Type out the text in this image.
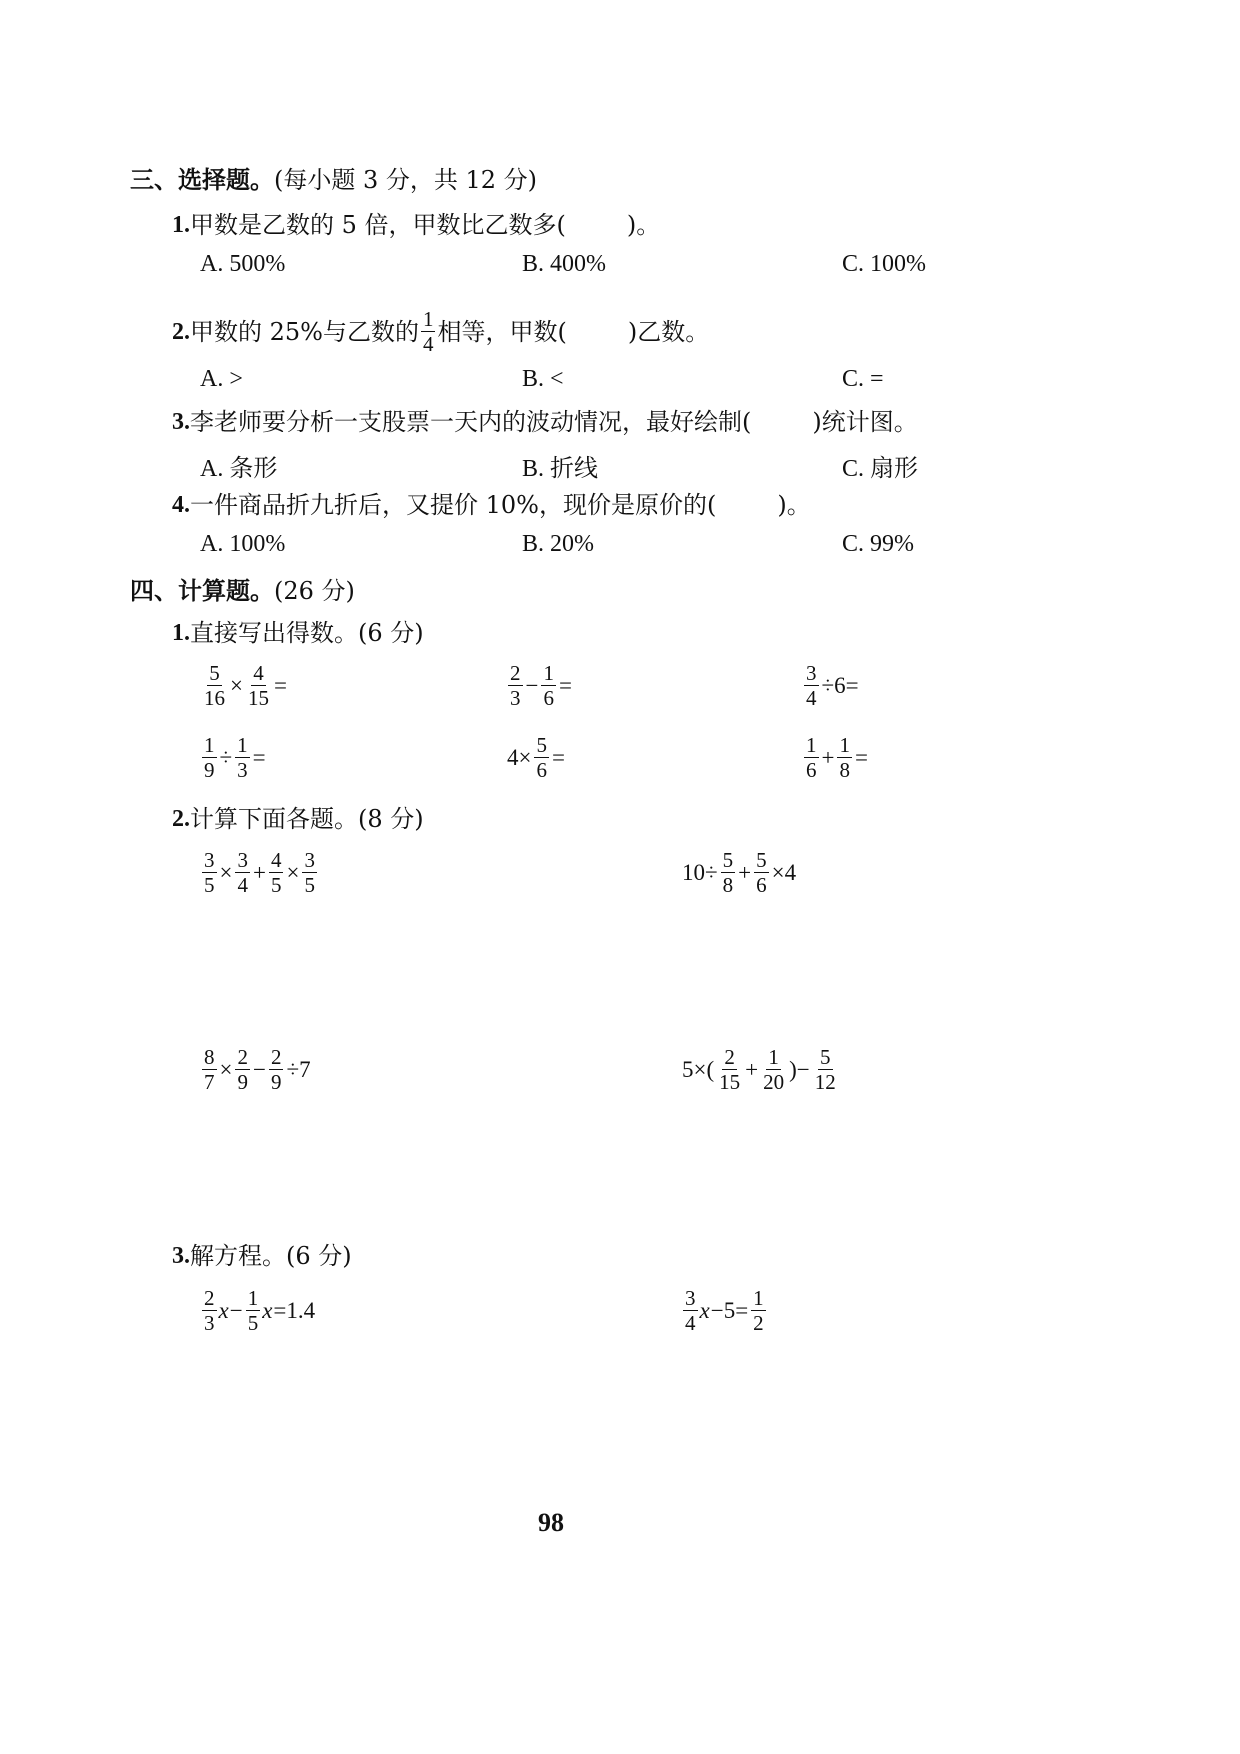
三、选择题。 (每小题 3 分，共 12 分)
1. 甲数是乙数的 5 倍，甲数比乙数多(        )。
A. 500%	B. 400%	C. 100%
2. 甲数的 25%与乙数的 $\frac{1}{4}$ 相等，甲数(        )乙数。
A. >	B. <	C. =
3. 李老师要分析一支股票一天内的波动情况，最好绘制(        )统计图。
A. 条形	B. 折线	C. 扇形
4. 一件商品折九折后，又提价 10%，现价是原价的(        )。
A. 100%	B. 20%	C. 99%
四、计算题。 (26 分)
1. 直接写出得数。(6 分)
2. 计算下面各题。(8 分)
3. 解方程。(6 分)
$\frac{5}{16} \times \frac{4}{15}$ =	$\frac{2}{3} - \frac{1}{6}$ =	$\frac{3}{4} \div 6=$
$\frac{1}{9} \div \frac{1}{3}$ =	$4\times \frac{5}{6}$ =	$\frac{1}{6} + \frac{1}{8}$ =
$\frac{3}{5} \times \frac{3}{4} + \frac{4}{5} \times \frac{3}{5}$	$10\div \frac{5}{8} + \frac{5}{6} \times 4$
$\frac{8}{7} \times \frac{2}{9} - \frac{2}{9} \div 7$	$5\times( \frac{2}{15} + \frac{1}{20}$ )− $\frac{5}{12}$
$\frac{2}{3}$ $x - \frac{1}{5}$ x =1.4	$\frac{3}{4}$ $x -5= \frac{1}{2}$
98
